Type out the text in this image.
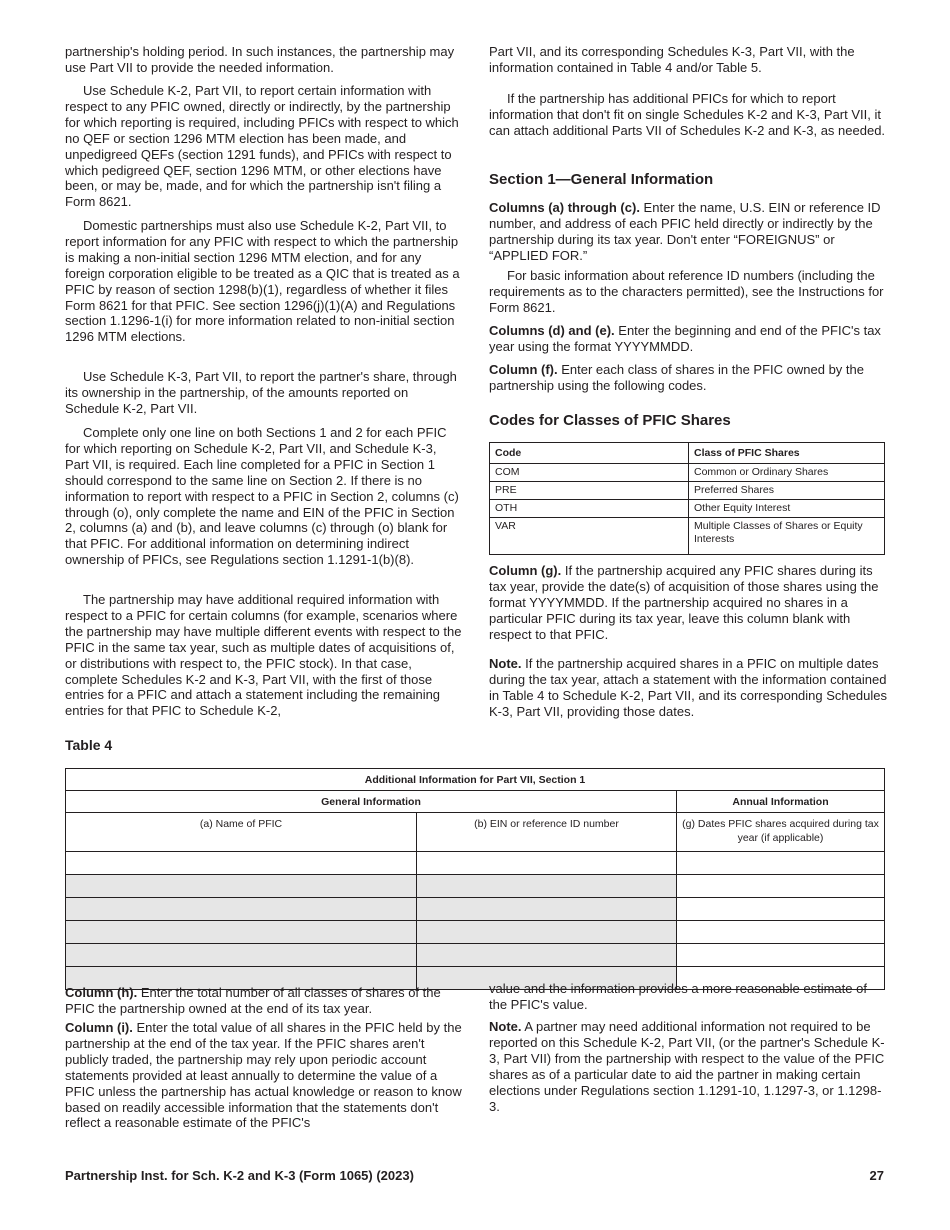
partnership's holding period. In such instances, the partnership may use Part VII to provide the needed information.

Use Schedule K-2, Part VII, to report certain information with respect to any PFIC owned, directly or indirectly, by the partnership for which reporting is required, including PFICs with respect to which no QEF or section 1296 MTM election has been made, and unpedigreed QEFs (section 1291 funds), and PFICs with respect to which pedigreed QEF, section 1296 MTM, or other elections have been, or may be, made, and for which the partnership isn't filing a Form 8621.

Domestic partnerships must also use Schedule K-2, Part VII, to report information for any PFIC with respect to which the partnership is making a non-initial section 1296 MTM election, and for any foreign corporation eligible to be treated as a QIC that is treated as a PFIC by reason of section 1298(b)(1), regardless of whether it files Form 8621 for that PFIC. See section 1296(j)(1)(A) and Regulations section 1.1296-1(i) for more information related to non-initial section 1296 MTM elections.

Use Schedule K-3, Part VII, to report the partner's share, through its ownership in the partnership, of the amounts reported on Schedule K-2, Part VII.

Complete only one line on both Sections 1 and 2 for each PFIC for which reporting on Schedule K-2, Part VII, and Schedule K-3, Part VII, is required. Each line completed for a PFIC in Section 1 should correspond to the same line on Section 2. If there is no information to report with respect to a PFIC in Section 2, columns (c) through (o), only complete the name and EIN of the PFIC in Section 2, columns (a) and (b), and leave columns (c) through (o) blank for that PFIC. For additional information on determining indirect ownership of PFICs, see Regulations section 1.1291-1(b)(8).

The partnership may have additional required information with respect to a PFIC for certain columns (for example, scenarios where the partnership may have multiple different events with respect to the PFIC in the same tax year, such as multiple dates of acquisitions of, or distributions with respect to, the PFIC stock). In that case, complete Schedules K-2 and K-3, Part VII, with the first of those entries for a PFIC and attach a statement including the remaining entries for that PFIC to Schedule K-2,

Part VII, and its corresponding Schedules K-3, Part VII, with the information contained in Table 4 and/or Table 5.

If the partnership has additional PFICs for which to report information that don't fit on single Schedules K-2 and K-3, Part VII, it can attach additional Parts VII of Schedules K-2 and K-3, as needed.

Section 1—General Information

Columns (a) through (c). Enter the name, U.S. EIN or reference ID number, and address of each PFIC held directly or indirectly by the partnership during its tax year. Don't enter “FOREIGNUS” or “APPLIED FOR.”

For basic information about reference ID numbers (including the requirements as to the characters permitted), see the Instructions for Form 8621.

Columns (d) and (e). Enter the beginning and end of the PFIC's tax year using the format YYYYMMDD.

Column (f). Enter each class of shares in the PFIC owned by the partnership using the following codes.

Codes for Classes of PFIC Shares
Code	Class of PFIC Shares
COM	Common or Ordinary Shares
PRE	Preferred Shares
OTH	Other Equity Interest
VAR	Multiple Classes of Shares or Equity Interests

Column (g). If the partnership acquired any PFIC shares during its tax year, provide the date(s) of acquisition of those shares using the format YYYYMMDD. If the partnership acquired no shares in a particular PFIC during its tax year, leave this column blank with respect to that PFIC.

Note. If the partnership acquired shares in a PFIC on multiple dates during the tax year, attach a statement with the information contained in Table 4 to Schedule K-2, Part VII, and its corresponding Schedules K-3, Part VII, providing those dates.

Table 4
Additional Information for Part VII, Section 1		
General Information		Annual Information
(a) Name of PFIC	(b) EIN or reference ID number	(g) Dates PFIC shares acquired during tax year (if applicable)

Column (h). Enter the total number of all classes of shares of the PFIC the partnership owned at the end of its tax year.

Column (i). Enter the total value of all shares in the PFIC held by the partnership at the end of the tax year. If the PFIC shares aren't publicly traded, the partnership may rely upon periodic account statements provided at least annually to determine the value of a PFIC unless the partnership has actual knowledge or reason to know based on readily accessible information that the statements don't reflect a reasonable estimate of the PFIC's

value and the information provides a more reasonable estimate of the PFIC's value.

Note. A partner may need additional information not required to be reported on this Schedule K-2, Part VII, (or the partner's Schedule K-3, Part VII) from the partnership with respect to the value of the PFIC shares as of a particular date to aid the partner in making certain elections under Regulations section 1.1291-10, 1.1297-3, or 1.1298-3.

Partnership Inst. for Sch. K-2 and K-3 (Form 1065) (2023)	27
